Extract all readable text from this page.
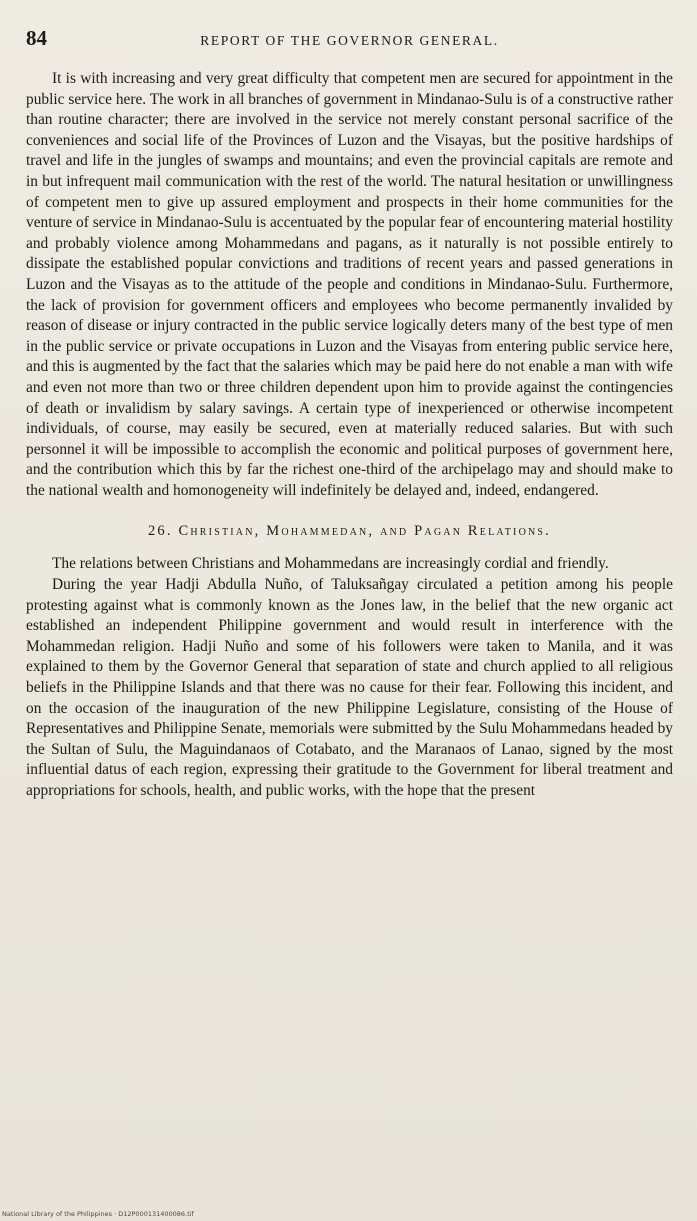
84	REPORT OF THE GOVERNOR GENERAL.

It is with increasing and very great difficulty that competent men are secured for appointment in the public service here. The work in all branches of government in Mindanao-Sulu is of a constructive rather than routine character; there are involved in the service not merely constant personal sacrifice of the conveniences and social life of the Provinces of Luzon and the Visayas, but the positive hardships of travel and life in the jungles of swamps and mountains; and even the provincial capitals are remote and in but infrequent mail communication with the rest of the world. The natural hesitation or unwillingness of competent men to give up assured employment and prospects in their home communities for the venture of service in Mindanao-Sulu is accentuated by the popular fear of encountering material hostility and probably violence among Mohammedans and pagans, as it naturally is not possible entirely to dissipate the established popular convictions and traditions of recent years and passed generations in Luzon and the Visayas as to the attitude of the people and conditions in Mindanao-Sulu. Furthermore, the lack of provision for government officers and employees who become permanently invalided by reason of disease or injury contracted in the public service logically deters many of the best type of men in the public service or private occupations in Luzon and the Visayas from entering public service here, and this is augmented by the fact that the salaries which may be paid here do not enable a man with wife and even not more than two or three children dependent upon him to provide against the contingencies of death or invalidism by salary savings. A certain type of inexperienced or otherwise incompetent individuals, of course, may easily be secured, even at materially reduced salaries. But with such personnel it will be impossible to accomplish the economic and political purposes of government here, and the contribution which this by far the richest one-third of the archipelago may and should make to the national wealth and homonogeneity will indefinitely be delayed and, indeed, endangered.

26. Christian, Mohammedan, and Pagan Relations.

The relations between Christians and Mohammedans are increasingly cordial and friendly.

During the year Hadji Abdulla Nuño, of Taluksañgay circulated a petition among his people protesting against what is commonly known as the Jones law, in the belief that the new organic act established an independent Philippine government and would result in interference with the Mohammedan religion. Hadji Nuño and some of his followers were taken to Manila, and it was explained to them by the Governor General that separation of state and church applied to all religious beliefs in the Philippine Islands and that there was no cause for their fear. Following this incident, and on the occasion of the inauguration of the new Philippine Legislature, consisting of the House of Representatives and Philippine Senate, memorials were submitted by the Sulu Mohammedans headed by the Sultan of Sulu, the Maguindanaos of Cotabato, and the Maranaos of Lanao, signed by the most influential datus of each region, expressing their gratitude to the Government for liberal treatment and appropriations for schools, health, and public works, with the hope that the present

National Library of the Philippines · D12P000131400086.tif
